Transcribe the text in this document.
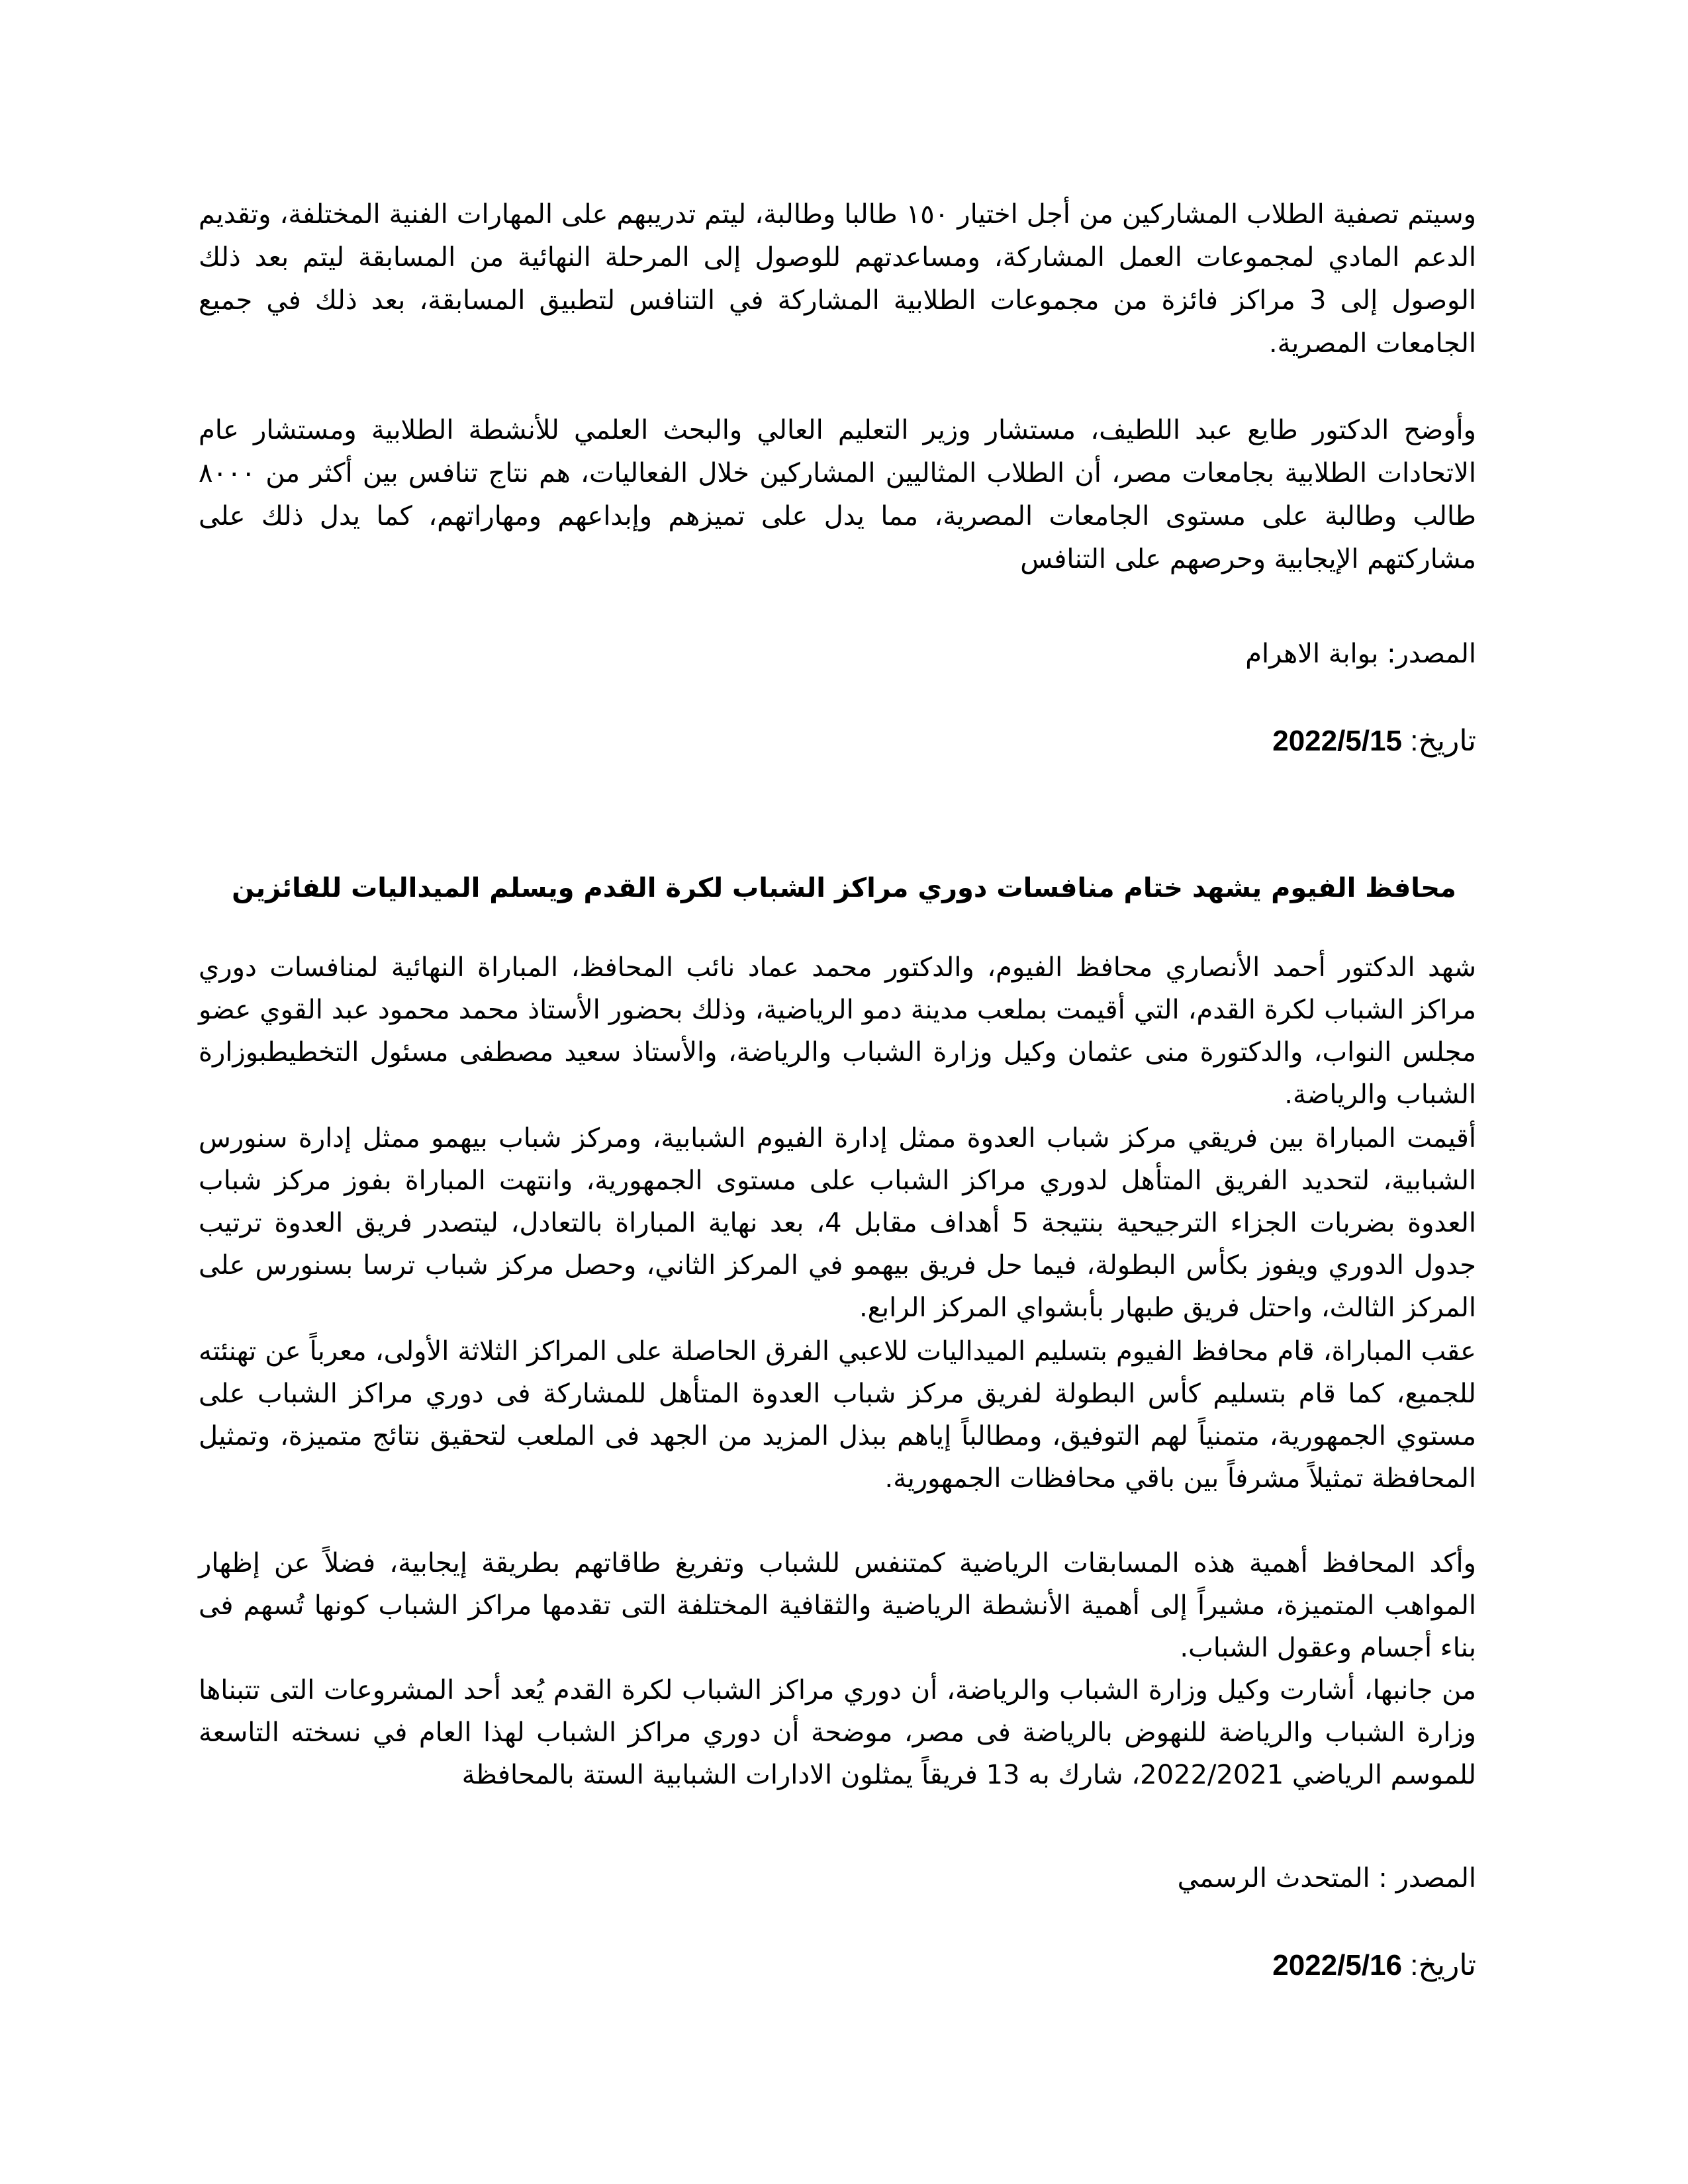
وسيتم تصفية الطلاب المشاركين من أجل اختيار ١٥٠ طالبا وطالبة، ليتم تدريبهم على المهارات الفنية المختلفة، وتقديم الدعم المادي لمجموعات العمل المشاركة، ومساعدتهم للوصول إلى المرحلة النهائية من المسابقة ليتم بعد ذلك الوصول إلى 3 مراكز فائزة من مجموعات الطلابية المشاركة في التنافس لتطبيق المسابقة، بعد ذلك في جميع الجامعات المصرية.

وأوضح الدكتور طايع عبد اللطيف، مستشار وزير التعليم العالي والبحث العلمي للأنشطة الطلابية ومستشار عام الاتحادات الطلابية بجامعات مصر، أن الطلاب المثاليين المشاركين خلال الفعاليات، هم نتاج تنافس بين أكثر من ٨٠٠٠ طالب وطالبة على مستوى الجامعات المصرية، مما يدل على تميزهم وإبداعهم ومهاراتهم، كما يدل ذلك على مشاركتهم الإيجابية وحرصهم على التنافس

المصدر: بوابة الاهرام
تاريخ: 2022/5/15
محافظ الفيوم يشهد ختام منافسات دوري مراكز الشباب لكرة القدم ويسلم الميداليات للفائزين

شهد الدكتور أحمد الأنصاري محافظ الفيوم، والدكتور محمد عماد نائب المحافظ، المباراة النهائية لمنافسات دوري مراكز الشباب لكرة القدم، التي أقيمت بملعب مدينة دمو الرياضية، وذلك بحضور الأستاذ محمد محمود عبد القوي عضو مجلس النواب، والدكتورة منى عثمان وكيل وزارة الشباب والرياضة، والأستاذ سعيد مصطفى مسئول التخطيطبوزارة الشباب والرياضة.

أقيمت المباراة بين فريقي مركز شباب العدوة ممثل إدارة الفيوم الشبابية، ومركز شباب بيهمو ممثل إدارة سنورس الشبابية، لتحديد الفريق المتأهل لدوري مراكز الشباب على مستوى الجمهورية، وانتهت المباراة بفوز مركز شباب العدوة بضربات الجزاء الترجيحية بنتيجة 5 أهداف مقابل 4، بعد نهاية المباراة بالتعادل، ليتصدر فريق العدوة ترتيب جدول الدوري ويفوز بكأس البطولة، فيما حل فريق بيهمو في المركز الثاني، وحصل مركز شباب ترسا بسنورس على المركز الثالث، واحتل فريق طبهار بأبشواي المركز الرابع.

عقب المباراة، قام محافظ الفيوم بتسليم الميداليات للاعبي الفرق الحاصلة على المراكز الثلاثة الأولى، معرباً عن تهنئته للجميع، كما قام بتسليم كأس البطولة لفريق مركز شباب العدوة المتأهل للمشاركة فى دوري مراكز الشباب على مستوي الجمهورية، متمنياً لهم التوفيق، ومطالباً إياهم ببذل المزيد من الجهد فى الملعب لتحقيق نتائج متميزة، وتمثيل المحافظة تمثيلاً مشرفاً بين باقي محافظات الجمهورية.

وأكد المحافظ أهمية هذه المسابقات الرياضية كمتنفس للشباب وتفريغ طاقاتهم بطريقة إيجابية، فضلاً عن إظهار المواهب المتميزة، مشيراً إلى أهمية الأنشطة الرياضية والثقافية المختلفة التى تقدمها مراكز الشباب كونها تُسهم فى بناء أجسام وعقول الشباب.

من جانبها، أشارت وكيل وزارة الشباب والرياضة، أن دوري مراكز الشباب لكرة القدم يُعد أحد المشروعات التى تتبناها وزارة الشباب والرياضة للنهوض بالرياضة فى مصر، موضحة أن دوري مراكز الشباب لهذا العام في نسخته التاسعة للموسم الرياضي 2022/2021، شارك به 13 فريقاً يمثلون الادارات الشبابية الستة بالمحافظة

المصدر : المتحدث الرسمي
تاريخ: 2022/5/16
